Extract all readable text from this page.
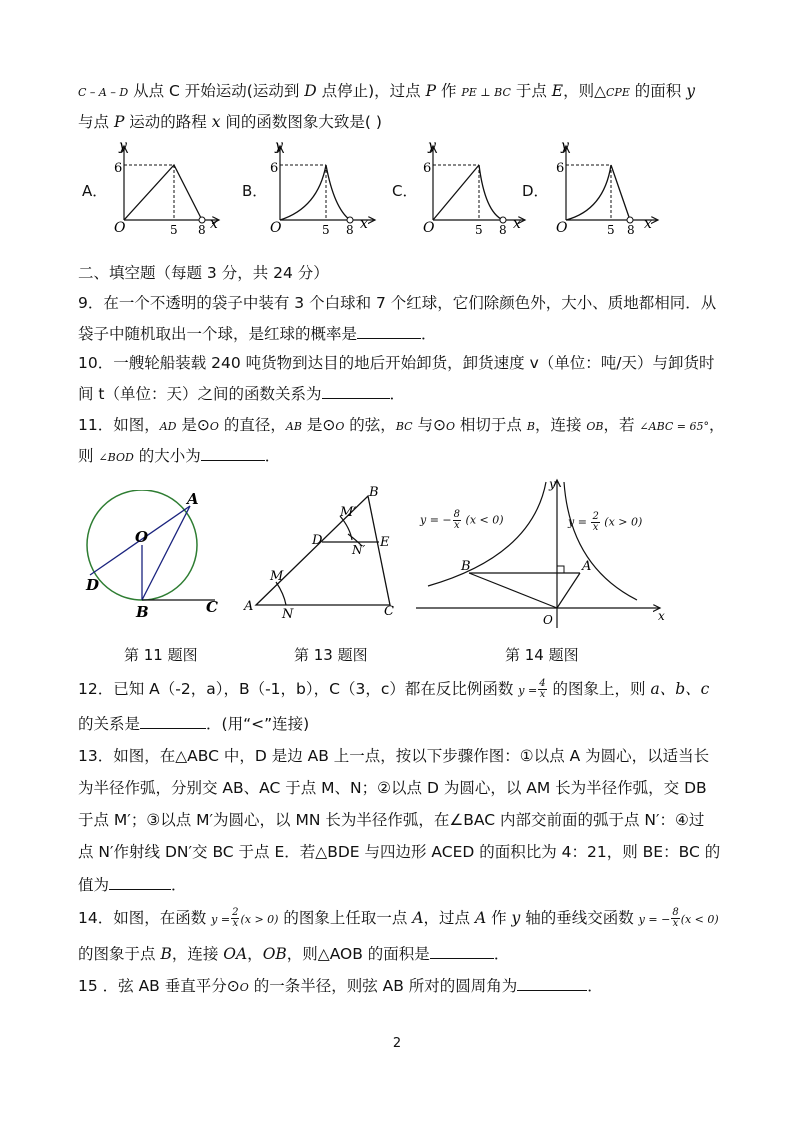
C – A – D 从点 C 开始运动(运动到 D 点停止)，过点 P 作 PE ⊥ BC 于点 E，则△CPE 的面积 y
与点 P 运动的路程 x 间的函数图象大致是( )
A．	B．	C．	D．
y
6
O	5 8 x
y
6
O	5 8 x
y
6
O	5 8 x
y
6
O	5 8 x
二、填空题（每题 3 分，共 24 分）
9．在一个不透明的袋子中装有 3 个白球和 7 个红球，它们除颜色外，大小、质地都相同．从
袋子中随机取出一个球，是红球的概率是	．
10．一艘轮船装载 240 吨货物到达目的地后开始卸货，卸货速度 v（单位：吨/天）与卸货时
间 t（单位：天）之间的函数关系为	．
11．如图，AD 是⊙O 的直径，AB 是⊙O 的弦，BC 与⊙O 相切于点 B，连接 OB，若 ∠ABC = 65°，
则 ∠BOD 的大小为	．
A
O
D
B	C
B
M′
D	E
N′
M
A
N	C
y
x
O
A
B
y = − $\frac{8}{x} (x < 0)$	$y = \frac{2}{x} (x > 0)$
第 11 题图	第 13 题图	第 14 题图
12．已知 A（-2，a），B（-1，b），C（3，c）都在反比例函数 $y = \frac{4}{x}$ 的图象上，则 a、b、c
的关系是	．(用“<”连接)
13．如图，在△ABC 中，D 是边 AB 上一点，按以下步骤作图：①以点 A 为圆心，以适当长
为半径作弧，分别交 AB、AC 于点 M、N；②以点 D 为圆心，以 AM 长为半径作弧，交 DB
于点 M′；③以点 M′为圆心，以 MN 长为半径作弧，在∠BAC 内部交前面的弧于点 N′：④过
点 N′作射线 DN′交 BC 于点 E．若△BDE 与四边形 ACED 的面积比为 4：21，则 BE：BC 的
值为	．
14．如图，在函数 $y = \frac{2}{x} (x > 0)$ 的图象上任取一点 A，过点 A 作 y 轴的垂线交函数 y = − $\frac{8}{x} (x < 0)$
的图象于点 B，连接 OA，OB，则△AOB 的面积是	．
15 ．弦 AB 垂直平分⊙O 的一条半径，则弦 AB 所对的圆周角为	．
2
